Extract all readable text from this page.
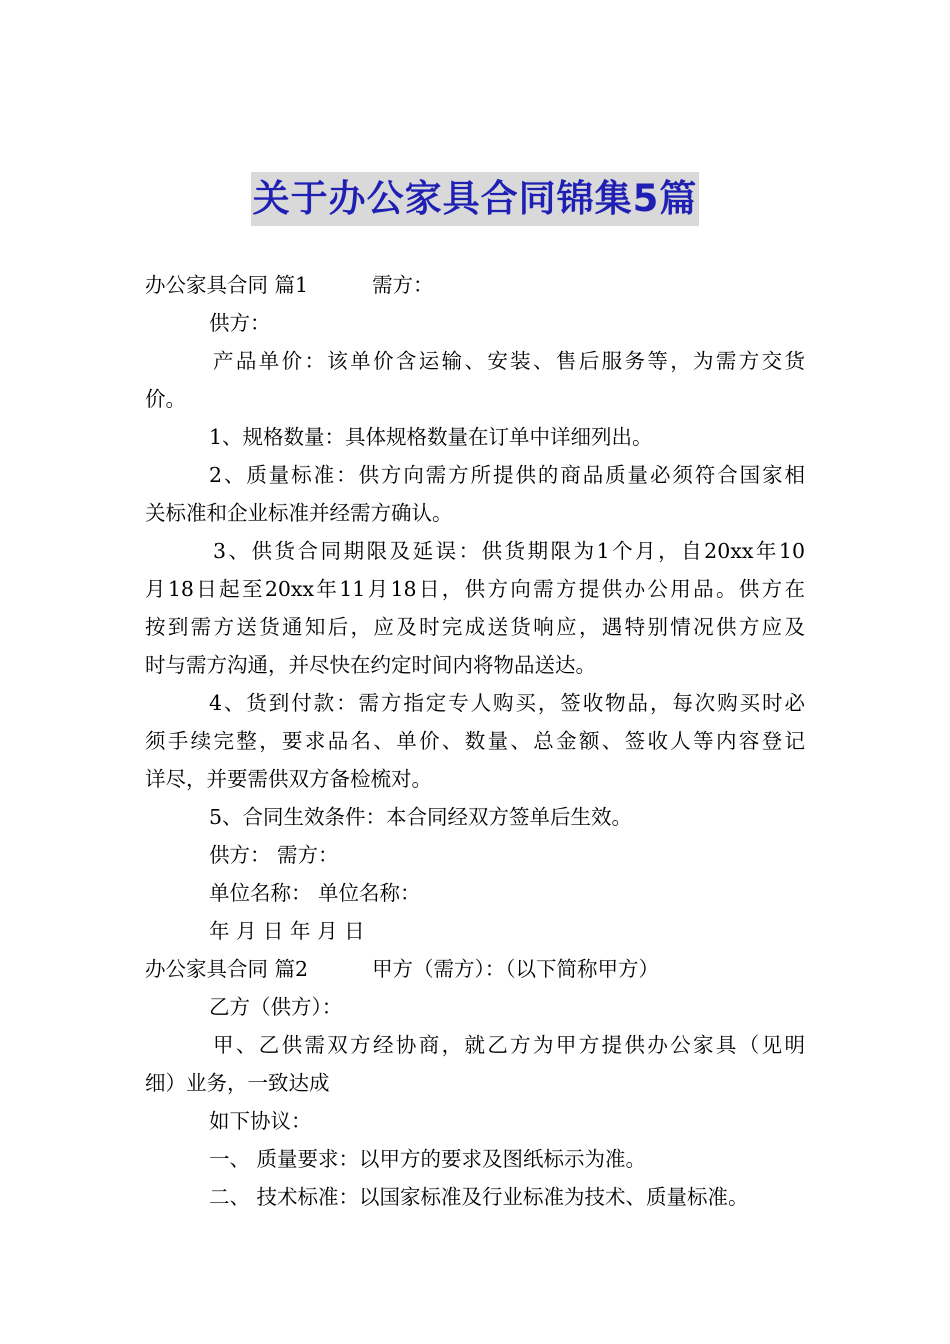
关于办公家具合同锦集5篇
办公家具合同 篇1	需方：
供方：
产品单价：该单价含运输、安装、售后服务等，为需方交货
价。
1、规格数量：具体规格数量在订单中详细列出。
2、质量标准：供方向需方所提供的商品质量必须符合国家相
关标准和企业标准并经需方确认。
3、供货合同期限及延误：供货期限为1个月，自20xx年10
月18日起至20xx年11月18日，供方向需方提供办公用品。供方在
按到需方送货通知后，应及时完成送货响应，遇特别情况供方应及
时与需方沟通，并尽快在约定时间内将物品送达。
4、货到付款：需方指定专人购买，签收物品，每次购买时必
须手续完整，要求品名、单价、数量、总金额、签收人等内容登记
详尽，并要需供双方备检梳对。
5、合同生效条件：本合同经双方签单后生效。
供方： 需方：
单位名称： 单位名称：
年 月 日 年 月 日
办公家具合同 篇2	甲方（需方）：（以下简称甲方）
乙方（供方）：
甲、乙供需双方经协商，就乙方为甲方提供办公家具（见明
细）业务，一致达成
如下协议：
一、 质量要求：以甲方的要求及图纸标示为准。
二、 技术标准：以国家标准及行业标准为技术、质量标准。
